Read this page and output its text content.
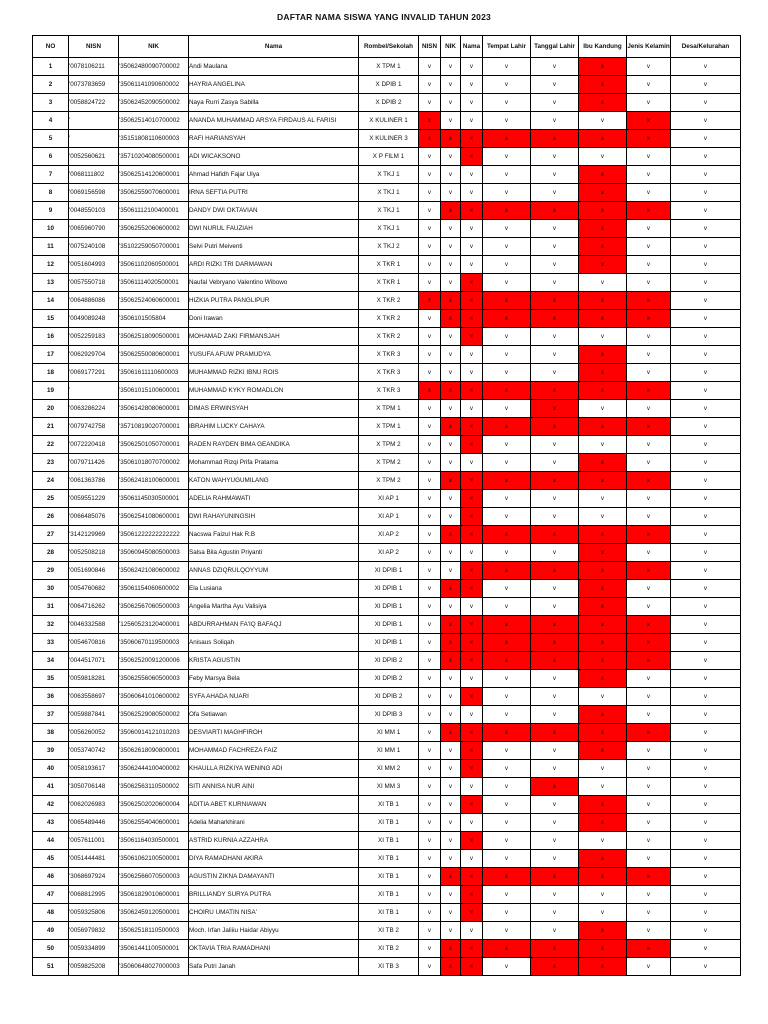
DAFTAR NAMA SISWA YANG INVALID TAHUN 2023
NO	NISN	NIK	Nama	Rombel/Sekolah	NISN	NIK	Nama	Tempat Lahir	Tanggal Lahir	Ibu Kandung	Jenis Kelamin	Desa/Kelurahan
1	'0078106211	'35062480090700002	Andi Maulana	X TPM 1	v	v	v	v	v	x	v	v
2	'0073783659	'35061141090600002	HAYRIA ANGELINA	X DPIB 1	v	v	v	v	v	x	v	v
3	'0058824722	'35062452090500002	Naya Rurri Zasya Sabilla	X DPIB 2	v	v	v	v	v	x	v	v
4	'	'35062514010700002	ANANDA MUHAMMAD ARSYA FIRDAUS AL FARISI	X KULINER 1	x	v	v	v	v	v	x	v
5	'	'35151808110600003	RAFI HARIANSYAH	X KULINER 3	x	x	x	x	x	x	x	v
6	'0052560621	'35710204080500001	ADI WICAKSONO	X P FILM 1	v	v	x	v	v	v	v	v
7	'0068111802	'35062514120600001	Ahmad Hafidh Fajar Ulya	X TKJ 1	v	v	v	v	v	x	v	v
8	'0069156598	'35062559070600001	IRNA SEFTIA PUTRI	X TKJ 1	v	v	v	v	v	x	v	v
9	'0048550103	'35061112100400001	DANDY DWI OKTAVIAN	X TKJ 1	v	x	x	x	x	x	x	v
10	'0065960790	'35062552060600002	DWI NURUL FAUZIAH	X TKJ 1	v	v	v	v	v	x	v	v
11	'0075240108	'35102259050700001	Selvi Putri Meiventi	X TKJ 2	v	v	v	v	v	x	v	v
12	'0051604993	'35061102060500001	ARDI RIZKI TRI DARMAWAN	X TKR 1	v	v	v	v	v	x	v	v
13	'0057550718	'35061114020500001	Naufal Vebryano Valentino Wibowo	X TKR 1	v	v	x	v	v	v	v	v
14	'0064886086	'35062524060600001	HIZKIA PUTRA PANGLIPUR	X TKR 2	x	x	x	x	x	x	x	v
15	'0049089248	'3506101505804	Doni Irawan	X TKR 2	v	x	x	x	x	x	x	v
16	'0052259183	'35062518090500001	MOHAMAD ZAKI FIRMANSJAH	X TKR 2	v	v	x	v	v	v	v	v
17	'0062929704	'35062550080600001	YUSUFA AFUW PRAMUDYA	X TKR 3	v	v	v	v	v	x	v	v
18	'0069177291	'35061611110600003	MUHAMMAD RIZKI IBNU ROIS	X TKR 3	v	v	v	v	v	x	v	v
19	'	'35061015100600001	MUHAMMAD KYKY ROMADLON	X TKR 3	x	x	x	x	x	x	x	v
20	'0063286224	'35061428080600001	DIMAS ERWINSYAH	X TPM 1	v	v	v	v	x	v	v	v
21	'0079742758	'35710819020700001	IBRAHIM LUCKY CAHAYA	X TPM 1	v	x	x	x	x	x	x	v
22	'0072220418	'35062501050700001	RADEN RAYDEN BIMA GEANDIKA	X TPM 2	v	v	x	v	v	v	v	v
23	'0079711426	'35061018070700002	Mohammad Rizqi Prifa Pratama	X TPM 2	v	v	v	v	v	x	v	v
24	'0061363786	'35062418100600001	KATON WAHYUGUMILANG	X TPM 2	v	x	x	x	x	x	x	v
25	'0059551229	'35061145030500001	ADELIA RAHMAWATI	XI AP 1	v	v	x	v	v	v	v	v
26	'0066485076	'35062541080600001	DWI RAHAYUNINGSIH	XI AP 1	v	v	x	v	v	v	v	v
27	'3142129969	'35061222222222222	Nacswa Faizul Hak R.B	XI AP 2	v	x	x	x	x	x	x	v
28	'0052508218	'35060945080500003	Salsa Bila Agustin Priyanti	XI AP 2	v	v	v	v	v	x	v	v
29	'0051690846	'35062421080600002	ANNAS DZIQRULQOYYUM	XI DPIB 1	v	v	x	x	x	x	x	v
30	'0054760682	'35061154060600002	Ela Lusiana	XI DPIB 1	v	x	x	v	v	x	v	v
31	'0064716262	'35062567060500003	Angelia Martha Ayu Valisiya	XI DPIB 1	v	v	v	v	v	x	v	v
32	'0046332588	'12560523120400001	ABDURRAHMAN FA'IQ BAFAQJ	XI DPIB 1	v	x	x	x	x	x	x	v
33	'0054670816	'35060670119500003	Anisaus Soliqah	XI DPIB 1	v	x	x	x	x	x	x	v
34	'0044517071	'35062520091200006	KRISTA AGUSTIN	XI DPIB 2	v	x	x	x	x	x	x	v
35	'0059818281	'35062556060500003	Feby Marsya Bela	XI DPIB 2	v	v	v	v	v	x	v	v
36	'0063558697	'35060641010600002	SYFA AHADA NUARI	XI DPIB 2	v	v	x	v	v	v	v	v
37	'0059887841	'35062529080500002	Ofa Setiawan	XI DPIB 3	v	v	v	v	v	x	v	v
38	'0056260052	'35060914121010203	DESVIARTI MAGHFIROH	XI MM 1	v	x	x	x	x	x	x	v
39	'0053740742	'35062618090800001	MOHAMMAD FACHREZA FAIZ	XI MM 1	v	v	x	v	v	x	v	v
40	'0058193617	'35062444100400002	KHAULLA RIZKIYA WENING ADI	XI MM 2	v	v	x	v	v	v	v	v
41	'3050706148	'35062563110500002	SITI ANNISA NUR AINI	XI MM 3	v	v	v	v	x	v	v	v
42	'0062026983	'35062502020600004	ADITIA ABET KURNIAWAN	XI TB 1	v	v	x	v	v	x	v	v
43	'0065489446	'35062554040600001	Adelia Maharkhirani	XI TB 1	v	v	v	v	v	x	v	v
44	'0057611001	'35061164030500001	ASTRID KURNIA AZZAHRA	XI TB 1	v	v	x	v	v	v	v	v
45	'0051444481	'35061062100500001	DIYA RAMADHANI AKIRA	XI TB 1	v	v	v	v	v	x	v	v
46	'3068697924	'35062566070500003	AGUSTIN ZIKNA DAMAYANTI	XI TB 1	v	x	x	x	x	x	x	v
47	'0068812995	'35061829010600001	BRILLIANDY SURYA PUTRA	XI TB 1	v	v	x	v	v	v	v	v
48	'0059325806	'35062459120500001	CHOIRU UMATIN NISA'	XI TB 1	v	v	x	v	v	v	v	v
49	'0056979832	'35062518110500003	Moch. Irfan Jaliiiu Haidar Abiyyu	XI TB 2	v	v	v	v	v	x	v	v
50	'0059334899	'35061441100500001	OKTAVIA TRIA RAMADHANI	XI TB 2	v	x	x	x	x	x	x	v
51	'0059825208	'35060648027000003	Safa Putri Janah	XI TB 3	v	x	x	v	x	x	v	v
